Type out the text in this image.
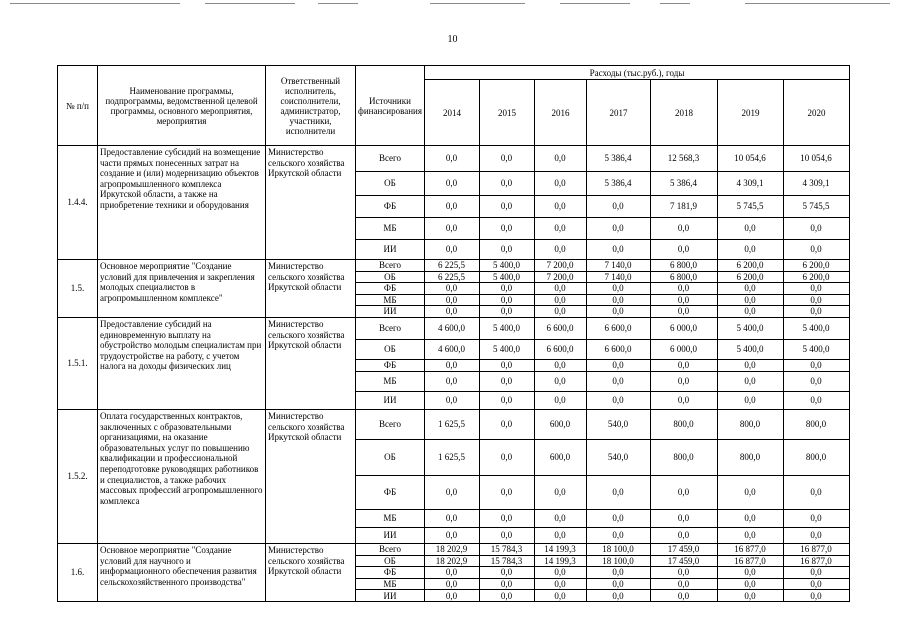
10
№ п/п	Наименование программы, подпрограммы, ведомственной целевой программы, основного мероприятия, мероприятия	Ответственный исполнитель, соисполнители, администратор, участники, исполнители	Источники финансирования	Расходы (тыс.руб.), годы						
				2014	2015	2016	2017	2018	2019	2020
1.4.4.	Предоставление субсидий на возмещение части прямых понесенных затрат на создание и (или) модернизацию объектов агропромышленного комплекса Иркутской области, а также на приобретение техники и оборудования	Министерство сельского хозяйства Иркутской области	Всего	0,0	0,0	0,0	5 386,4	12 568,3	10 054,6	10 054,6
			ОБ	0,0	0,0	0,0	5 386,4	5 386,4	4 309,1	4 309,1
			ФБ	0,0	0,0	0,0	0,0	7 181,9	5 745,5	5 745,5
			МБ	0,0	0,0	0,0	0,0	0,0	0,0	0,0
			ИИ	0,0	0,0	0,0	0,0	0,0	0,0	0,0
1.5.	Основное мероприятие "Создание условий для привлечения и закрепления молодых специалистов в агропромышленном комплексе"	Министерство сельского хозяйства Иркутской области	Всего	6 225,5	5 400,0	7 200,0	7 140,0	6 800,0	6 200,0	6 200,0
			ОБ	6 225,5	5 400,0	7 200,0	7 140,0	6 800,0	6 200,0	6 200,0
			ФБ	0,0	0,0	0,0	0,0	0,0	0,0	0,0
			МБ	0,0	0,0	0,0	0,0	0,0	0,0	0,0
			ИИ	0,0	0,0	0,0	0,0	0,0	0,0	0,0
1.5.1.	Предоставление субсидий на единовременную выплату на обустройство молодым специалистам при трудоустройстве на работу, с учетом налога на доходы физических лиц	Министерство сельского хозяйства Иркутской области	Всего	4 600,0	5 400,0	6 600,0	6 600,0	6 000,0	5 400,0	5 400,0
			ОБ	4 600,0	5 400,0	6 600,0	6 600,0	6 000,0	5 400,0	5 400,0
			ФБ	0,0	0,0	0,0	0,0	0,0	0,0	0,0
			МБ	0,0	0,0	0,0	0,0	0,0	0,0	0,0
			ИИ	0,0	0,0	0,0	0,0	0,0	0,0	0,0
1.5.2.	Оплата государственных контрактов, заключенных с образовательными организациями, на оказание образовательных услуг по повышению квалификации и профессиональной переподготовке руководящих работников и специалистов, а также рабочих массовых профессий агропромышленного комплекса	Министерство сельского хозяйства Иркутской области	Всего	1 625,5	0,0	600,0	540,0	800,0	800,0	800,0
			ОБ	1 625,5	0,0	600,0	540,0	800,0	800,0	800,0
			ФБ	0,0	0,0	0,0	0,0	0,0	0,0	0,0
			МБ	0,0	0,0	0,0	0,0	0,0	0,0	0,0
			ИИ	0,0	0,0	0,0	0,0	0,0	0,0	0,0
1.6.	Основное мероприятие "Создание условий для научного и информационного обеспечения развития сельскохозяйственного производства"	Министерство сельского хозяйства Иркутской области	Всего	18 202,9	15 784,3	14 199,3	18 100,0	17 459,0	16 877,0	16 877,0
			ОБ	18 202,9	15 784,3	14 199,3	18 100,0	17 459,0	16 877,0	16 877,0
			ФБ	0,0	0,0	0,0	0,0	0,0	0,0	0,0
			МБ	0,0	0,0	0,0	0,0	0,0	0,0	0,0
			ИИ	0,0	0,0	0,0	0,0	0,0	0,0	0,0
